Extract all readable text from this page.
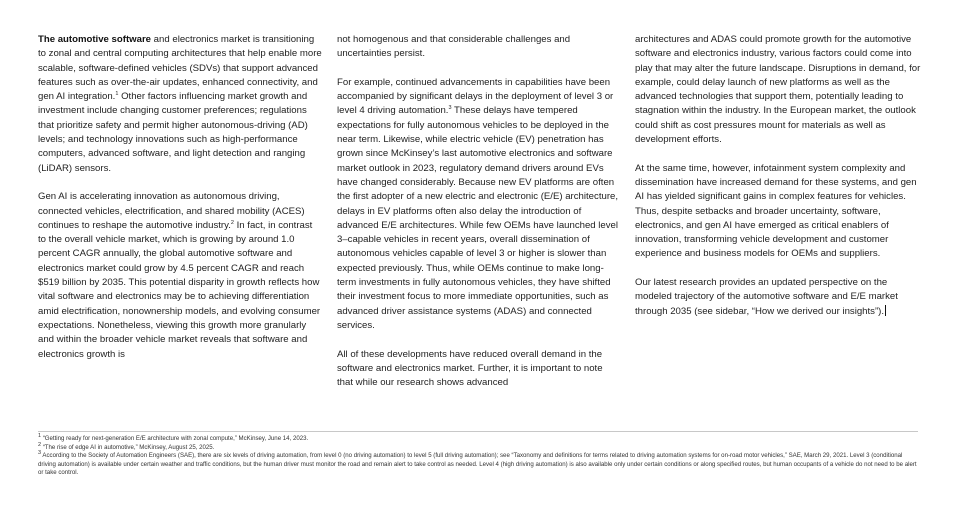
The automotive software and electronics market is transitioning to zonal and central computing architectures that help enable more scalable, software-defined vehicles (SDVs) that support advanced features such as over-the-air updates, enhanced connectivity, and gen AI integration.$^1$ Other factors influencing market growth and investment include changing customer preferences; regulations that prioritize safety and permit higher autonomous-driving (AD) levels; and technology innovations such as high-performance computers, advanced software, and light detection and ranging (LiDAR) sensors.

Gen AI is accelerating innovation as autonomous driving, connected vehicles, electrification, and shared mobility (ACES) continues to reshape the automotive industry.$^2$ In fact, in contrast to the overall vehicle market, which is growing by around 1.0 percent CAGR annually, the global automotive software and electronics market could grow by 4.5 percent CAGR and reach $519 billion by 2035. This potential disparity in growth reflects how vital software and electronics may be to achieving differentiation amid electrification, nonownership models, and evolving consumer expectations. Nonetheless, viewing this growth more granularly and within the broader vehicle market reveals that software and electronics growth is

not homogenous and that considerable challenges and uncertainties persist.

For example, continued advancements in capabilities have been accompanied by significant delays in the deployment of level 3 or level 4 driving automation.$^3$ These delays have tempered expectations for fully autonomous vehicles to be deployed in the near term. Likewise, while electric vehicle (EV) penetration has grown since McKinsey’s last automotive electronics and software market outlook in 2023, regulatory demand drivers around EVs have changed considerably. Because new EV platforms are often the first adopter of a new electric and electronic (E/E) architecture, delays in EV platforms often also delay the introduction of advanced E/E architectures. While few OEMs have launched level 3–capable vehicles in recent years, overall dissemination of autonomous vehicles capable of level 3 or higher is slower than expected previously. Thus, while OEMs continue to make long-term investments in fully autonomous vehicles, they have shifted their investment focus to more immediate opportunities, such as advanced driver assistance systems (ADAS) and connected services.

All of these developments have reduced overall demand in the software and electronics market. Further, it is important to note that while our research shows advanced

architectures and ADAS could promote growth for the automotive software and electronics industry, various factors could come into play that may alter the future landscape. Disruptions in demand, for example, could delay launch of new platforms as well as the advanced technologies that support them, potentially leading to stagnation within the industry. In the European market, the outlook could shift as cost pressures mount for materials as well as development efforts.

At the same time, however, infotainment system complexity and dissemination have increased demand for these systems, and gen AI has yielded significant gains in complex features for vehicles. Thus, despite setbacks and broader uncertainty, software, electronics, and gen AI have emerged as critical enablers of innovation, transforming vehicle development and customer experience and business models for OEMs and suppliers.

Our latest research provides an updated perspective on the modeled trajectory of the automotive software and E/E market through 2035 (see sidebar, “How we derived our insights”).

$^1$ “Getting ready for next-generation E/E architecture with zonal compute,” McKinsey, June 14, 2023.

$^2$ “The rise of edge AI in automotive,” McKinsey, August 25, 2025.

$^3$ According to the Society of Automation Engineers (SAE), there are six levels of driving automation, from level 0 (no driving automation) to level 5 (full driving automation); see “Taxonomy and definitions for terms related to driving automation systems for on-road motor vehicles,” SAE, March 29, 2021. Level 3 (conditional driving automation) is available under certain weather and traffic conditions, but the human driver must monitor the road and remain alert to take control as needed. Level 4 (high driving automation) is also available only under certain conditions or along specified routes, but human occupants of a vehicle do not need to be alert or take control.
